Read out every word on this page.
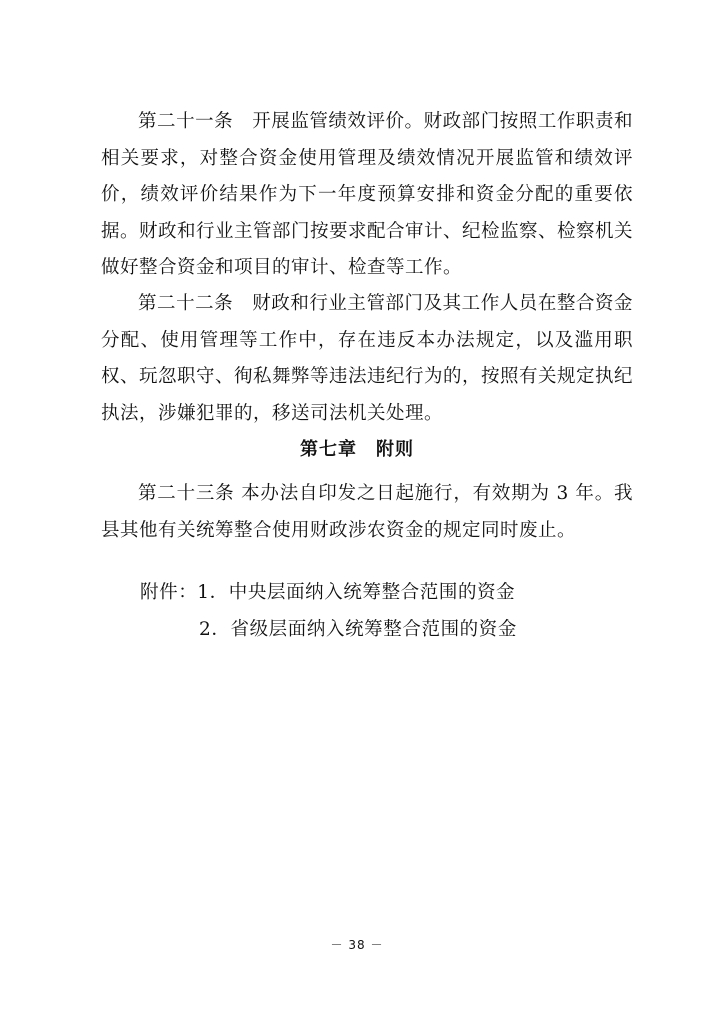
第二十一条　开展监管绩效评价。财政部门按照工作职责和相关要求，对整合资金使用管理及绩效情况开展监管和绩效评价，绩效评价结果作为下一年度预算安排和资金分配的重要依据。财政和行业主管部门按要求配合审计、纪检监察、检察机关做好整合资金和项目的审计、检查等工作。
第二十二条　财政和行业主管部门及其工作人员在整合资金分配、使用管理等工作中，存在违反本办法规定，以及滥用职权、玩忽职守、徇私舞弊等违法违纪行为的，按照有关规定执纪执法，涉嫌犯罪的，移送司法机关处理。
第七章　附则
第二十三条 本办法自印发之日起施行，有效期为 3 年。我县其他有关统筹整合使用财政涉农资金的规定同时废止。
附件：1．中央层面纳入统筹整合范围的资金
2．省级层面纳入统筹整合范围的资金
－ 38 －
